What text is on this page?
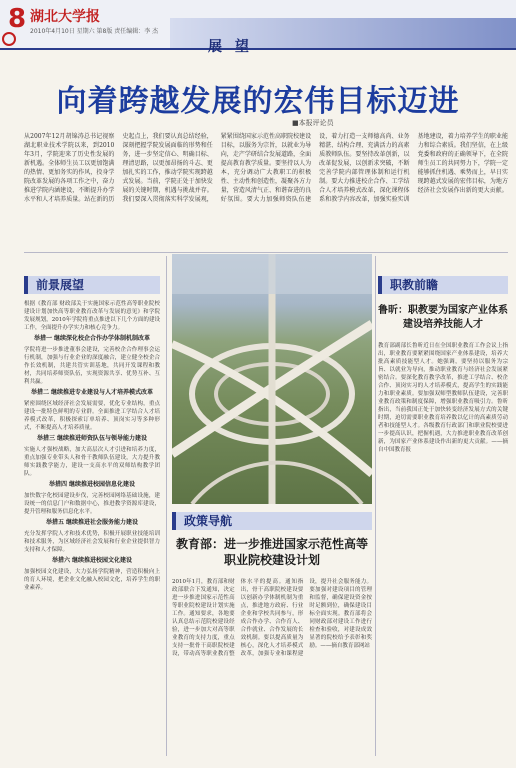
8 湖北大学报
2010年4月10日 星期六 第8版 责任编辑：李 杰
展 望
向着跨越发展的宏伟目标迈进
■本报评论员
从2007年12月胡锦涛总书记视察湖北职业技术学院以来，到2010年3月，学院迎来了历史性发展的新机遇。全体师生员工以更加饱满的热情、更加务实的作风，投身学院改革发展的各项工作之中，奋力推进学院内涵建设，不断提升办学水平和人才培养质量。站在新的历史起点上，我们要认真总结经验，深刻把握学院发展面临的形势和任务，进一步坚定信心、明确目标、理清思路，以更加昂扬的斗志、更加扎实的工作，推动学院实现跨越式发展。当前，学院正处于加快发展的关键时期，机遇与挑战并存。我们要深入贯彻落实科学发展观，紧紧围绕国家示范性高职院校建设目标，以服务为宗旨，以就业为导向，走产学研结合发展道路，全面提高教育教学质量。要坚持以人为本，充分调动广大教职工的积极性、主动性和创造性，凝聚各方力量，营造风清气正、和谐奋进的良好氛围。要大力加强师资队伍建设，着力打造一支师德高尚、业务精湛、结构合理、充满活力的高素质教师队伍。要坚持改革创新，以改革促发展，以创新求突破，不断完善学院内部管理体制和运行机制。要大力推进校企合作、工学结合人才培养模式改革，深化课程体系和教学内容改革，加强实验实训基地建设，着力培养学生的职业能力和综合素质。我们坚信，在上级党委和政府的正确领导下，在全院师生员工的共同努力下，学院一定能够抓住机遇、乘势而上，早日实现跨越式发展的宏伟目标，为地方经济社会发展作出新的更大贡献。
前景展望

根据《教育部 财政部关于实施国家示范性高等职业院校建设计划加快高等职业教育改革与发展的意见》和学院发展规划，2010年学院将重点推进以下几个方面的建设工作，全面提升办学实力和核心竞争力。

举措一 继续深化校企合作办学体制机制改革

学院将进一步推进董事会建设，完善校企合作理事会运行机制，加强与行业企业的深度融合，建立健全校企合作长效机制，共建共管实训基地，共同开发课程和教材，共同培养师资队伍，实现资源共享、优势互补、互利共赢。

举措二 继续推进专业建设与人才培养模式改革

紧密围绕区域经济社会发展需要，优化专业结构，重点建设一批特色鲜明的专业群。全面推进工学结合人才培养模式改革，积极探索订单培养、顶岗实习等多种形式，不断提高人才培养质量。

举措三 继续推进师资队伍与领导能力建设

实施人才强校战略，加大高层次人才引进和培养力度，重点加强专业带头人和骨干教师队伍建设，大力提升教师实践教学能力，建设一支高水平的双师结构教学团队。

举措四 继续推进校园信息化建设

加快数字化校园建设步伐，完善校园网络基础设施，建设统一的信息门户和数据中心，推进教学资源库建设，提升管理和服务信息化水平。

举措五 继续推进社会服务能力建设

充分发挥学院人才和技术优势，积极开展职业技能培训和技术服务，为区域经济社会发展和行业企业提供智力支持和人才保障。

举措六 继续推进校园文化建设

加强校园文化建设，大力弘扬学院精神，营造积极向上的育人环境，把企业文化融入校园文化，培养学生的职业素养。

政策导航
教育部：进一步推进国家示范性高等职业院校建设计划
2010年1月，教育部和财政部联合下发通知，决定进一步推进国家示范性高等职业院校建设计划实施工作。通知要求，各地要认真总结示范院校建设经验，进一步加大对高等职业教育的支持力度，重点支持一批骨干高职院校建设，带动高等职业教育整体水平的提高。通知指出，骨干高职院校建设要以创新办学体制机制为重点，推进地方政府、行业企业和学校共同参与，形成合作办学、合作育人、合作就业、合作发展的长效机制。要以提高质量为核心，深化人才培养模式改革，加强专业和课程建设，提升社会服务能力。要加强对建设项目的管理和监督，确保建设资金按时足额到位，确保建设目标全面实现。教育部将会同财政部对建设工作进行检查和验收，对建设成效显著的院校给予表彰和奖励。——摘自教育部网站
职教前瞻
鲁昕：职教要为国家产业体系建设培养技能人才
教育部副部长鲁昕近日在全国职业教育工作会议上指出，职业教育要紧紧围绕国家产业体系建设，培养大批高素质技能型人才。她强调，要坚持以服务为宗旨、以就业为导向，推动职业教育与经济社会发展紧密结合。要深化教育教学改革，推进工学结合、校企合作、顶岗实习的人才培养模式，提高学生的实践能力和职业素质。要加强双师型教师队伍建设，完善职业教育政策和制度保障，增强职业教育吸引力。鲁昕指出，当前我国正处于加快转变经济发展方式的关键时期，迫切需要职业教育培养数以亿计的高素质劳动者和技能型人才。各级教育行政部门和职业院校要进一步提高认识，把握机遇，大力推进职业教育改革创新，为国家产业体系建设作出新的更大贡献。——摘自中国教育报
